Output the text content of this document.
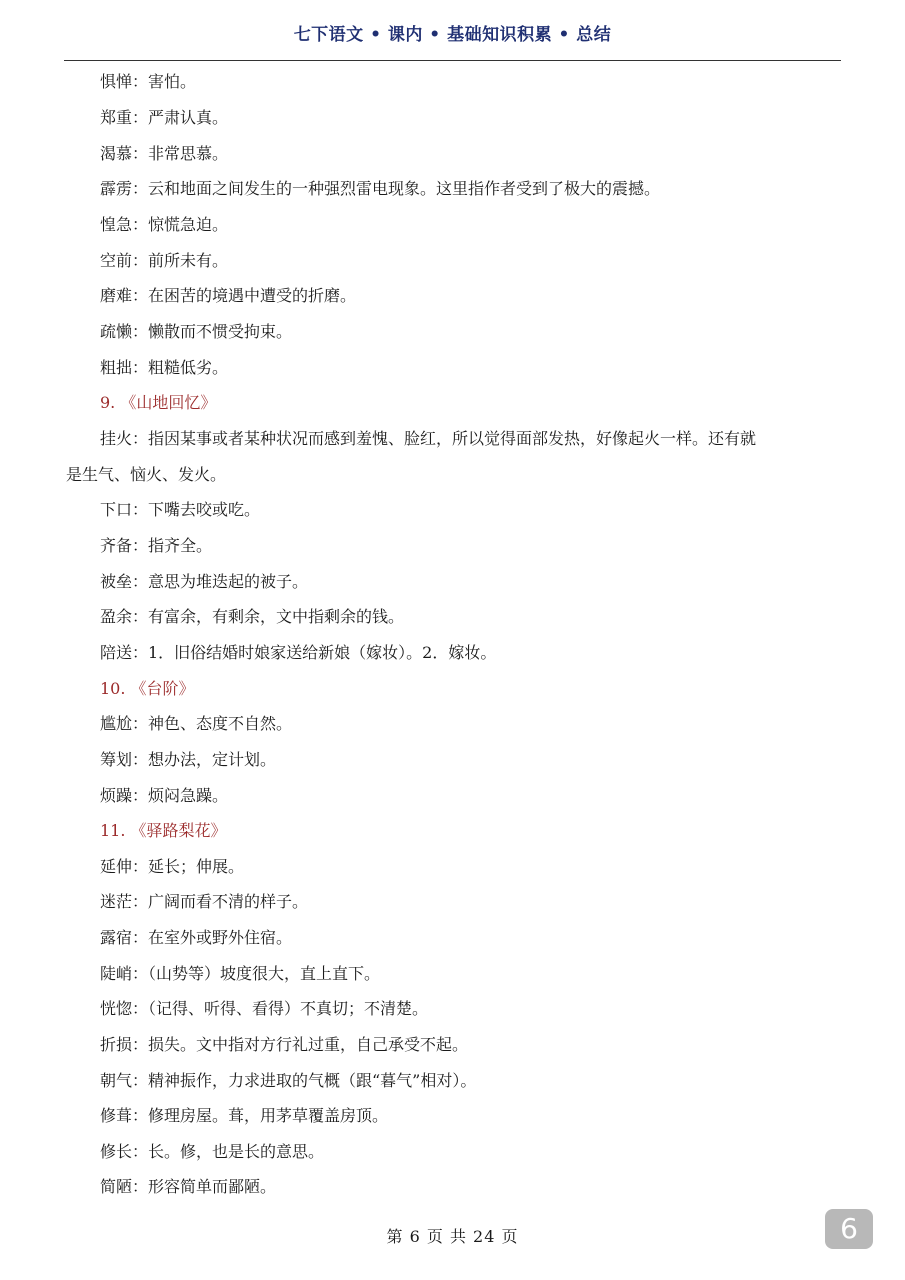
七下语文 • 课内 • 基础知识积累 • 总结
惧惮：害怕。
郑重：严肃认真。
渴慕：非常思慕。
霹雳：云和地面之间发生的一种强烈雷电现象。这里指作者受到了极大的震撼。
惶急：惊慌急迫。
空前：前所未有。
磨难：在困苦的境遇中遭受的折磨。
疏懒：懒散而不惯受拘束。
粗拙：粗糙低劣。
9. 《山地回忆》
挂火：指因某事或者某种状况而感到羞愧、脸红，所以觉得面部发热，好像起火一样。还有就
是生气、恼火、发火。
下口：下嘴去咬或吃。
齐备：指齐全。
被垒：意思为堆迭起的被子。
盈余：有富余，有剩余，文中指剩余的钱。
陪送：1．旧俗结婚时娘家送给新娘（嫁妆）。2．嫁妆。
10. 《台阶》
尴尬：神色、态度不自然。
筹划：想办法，定计划。
烦躁：烦闷急躁。
11. 《驿路梨花》
延伸：延长；伸展。
迷茫：广阔而看不清的样子。
露宿：在室外或野外住宿。
陡峭：（山势等）坡度很大，直上直下。
恍惚：（记得、听得、看得）不真切；不清楚。
折损：损失。文中指对方行礼过重，自己承受不起。
朝气：精神振作，力求进取的气概（跟“暮气”相对）。
修葺：修理房屋。葺，用茅草覆盖房顶。
修长：长。修，也是长的意思。
简陋：形容简单而鄙陋。
第 6 页 共 24 页	6
